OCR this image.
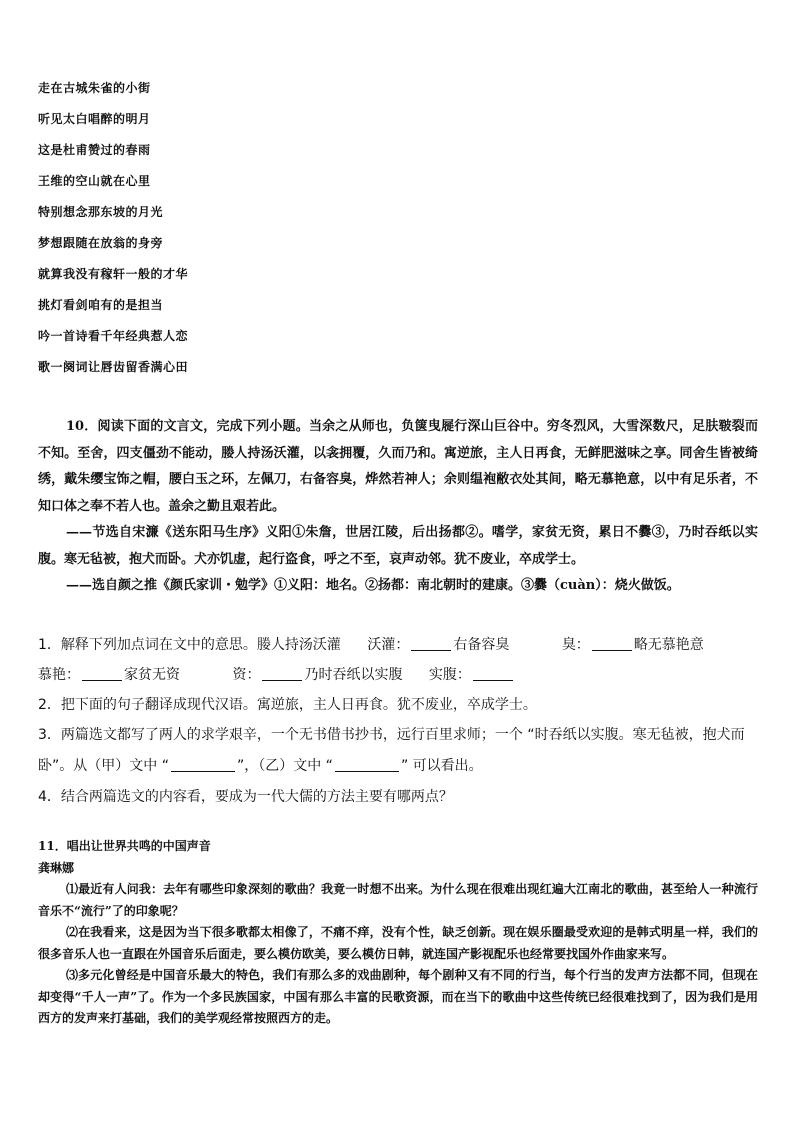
走在古城朱雀的小街
听见太白唱醉的明月
这是杜甫赞过的春雨
王维的空山就在心里
特别想念那东坡的月光
梦想跟随在放翁的身旁
就算我没有稼轩一般的才华
挑灯看剑咱有的是担当
吟一首诗看千年经典惹人恋
歌一阕词让唇齿留香满心田

10．阅读下面的文言文，完成下列小题。当余之从师也，负箧曳屣行深山巨谷中。穷冬烈风，大雪深数尺，足肤皲裂而不知。至舍，四支僵劲不能动，媵人持汤沃灌，以衾拥覆，久而乃和。寓逆旅，主人日再食，无鲜肥滋味之享。同舍生皆被绮绣，戴朱缨宝饰之帽，腰白玉之环，左佩刀，右备容臭，烨然若神人；余则缊袍敝衣处其间，略无慕艳意，以中有足乐者，不知口体之奉不若人也。盖余之勤且艰若此。

——节选自宋濂《送东阳马生序》义阳①朱詹，世居江陵，后出扬都②。嗜学，家贫无资，累日不爨③，乃时吞纸以实腹。寒无毡被，抱犬而卧。犬亦饥虚，起行盗食，呼之不至，哀声动邻。犹不废业，卒成学士。

——选自颜之推《颜氏家训・勉学》①义阳：地名。②扬都：南北朝时的建康。③爨（cuàn）：烧火做饭。

1．解释下列加点词在文中的意思。媵人持汤沃灌 沃灌：	右备容臭	臭：	略无慕艳意

慕艳：	家贫无资	资：	乃时吞纸以实腹 实腹：

2．把下面的句子翻译成现代汉语。寓逆旅，主人日再食。犹不废业，卒成学士。

3．两篇选文都写了两人的求学艰辛，一个无书借书抄书，远行百里求师；一个 “时吞纸以实腹。寒无毡被，抱犬而卧”。从（甲）文中 “	”，（乙）文中 “	” 可以看出。

4．结合两篇选文的内容看，要成为一代大儒的方法主要有哪两点？

11．唱出让世界共鸣的中国声音

龚琳娜

⑴最近有人问我：去年有哪些印象深刻的歌曲？我竟一时想不出来。为什么现在很难出现红遍大江南北的歌曲，甚至给人一种流行音乐不“流行”了的印象呢？

⑵在我看来，这是因为当下很多歌都太相像了，不痛不痒，没有个性，缺乏创新。现在娱乐圈最受欢迎的是韩式明星一样，我们的很多音乐人也一直跟在外国音乐后面走，要么模仿欧美，要么模仿日韩，就连国产影视配乐也经常要找国外作曲家来写。

⑶多元化曾经是中国音乐最大的特色，我们有那么多的戏曲剧种，每个剧种又有不同的行当，每个行当的发声方法都不同，但现在却变得“千人一声”了。作为一个多民族国家，中国有那么丰富的民歌资源，而在当下的歌曲中这些传统已经很难找到了，因为我们是用西方的发声来打基础，我们的美学观经常按照西方的走。
